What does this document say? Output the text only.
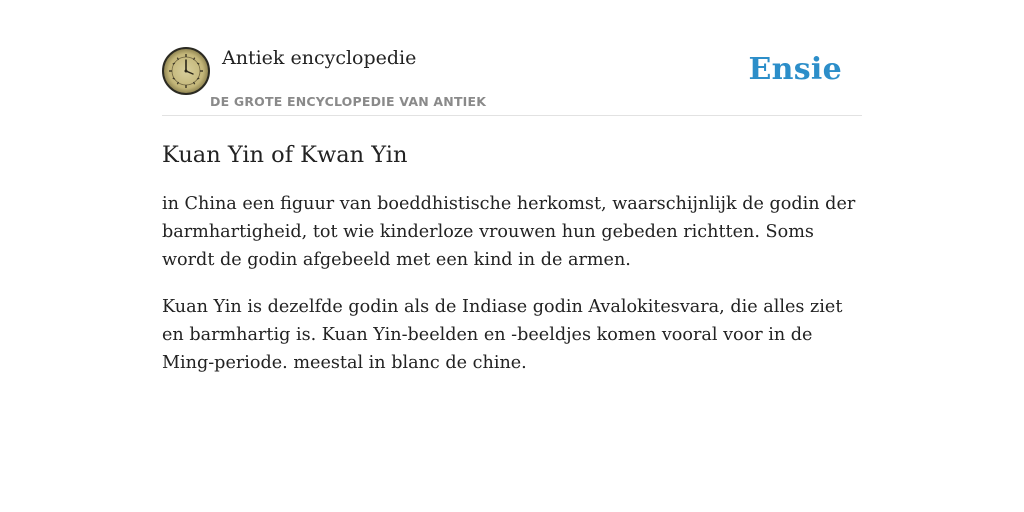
Antiek encyclopedie
DE GROTE ENCYCLOPEDIE VAN ANTIEK
Ensie
Kuan Yin of Kwan Yin

in China een figuur van boeddhistische herkomst, waarschijnlijk de godin der barmhartigheid, tot wie kinderloze vrouwen hun gebeden richtten. Soms wordt de godin afgebeeld met een kind in de armen.

Kuan Yin is dezelfde godin als de Indiase godin Avalokitesvara, die alles ziet en barmhartig is. Kuan Yin-beelden en -beeldjes komen vooral voor in de Ming-periode. meestal in blanc de chine.
